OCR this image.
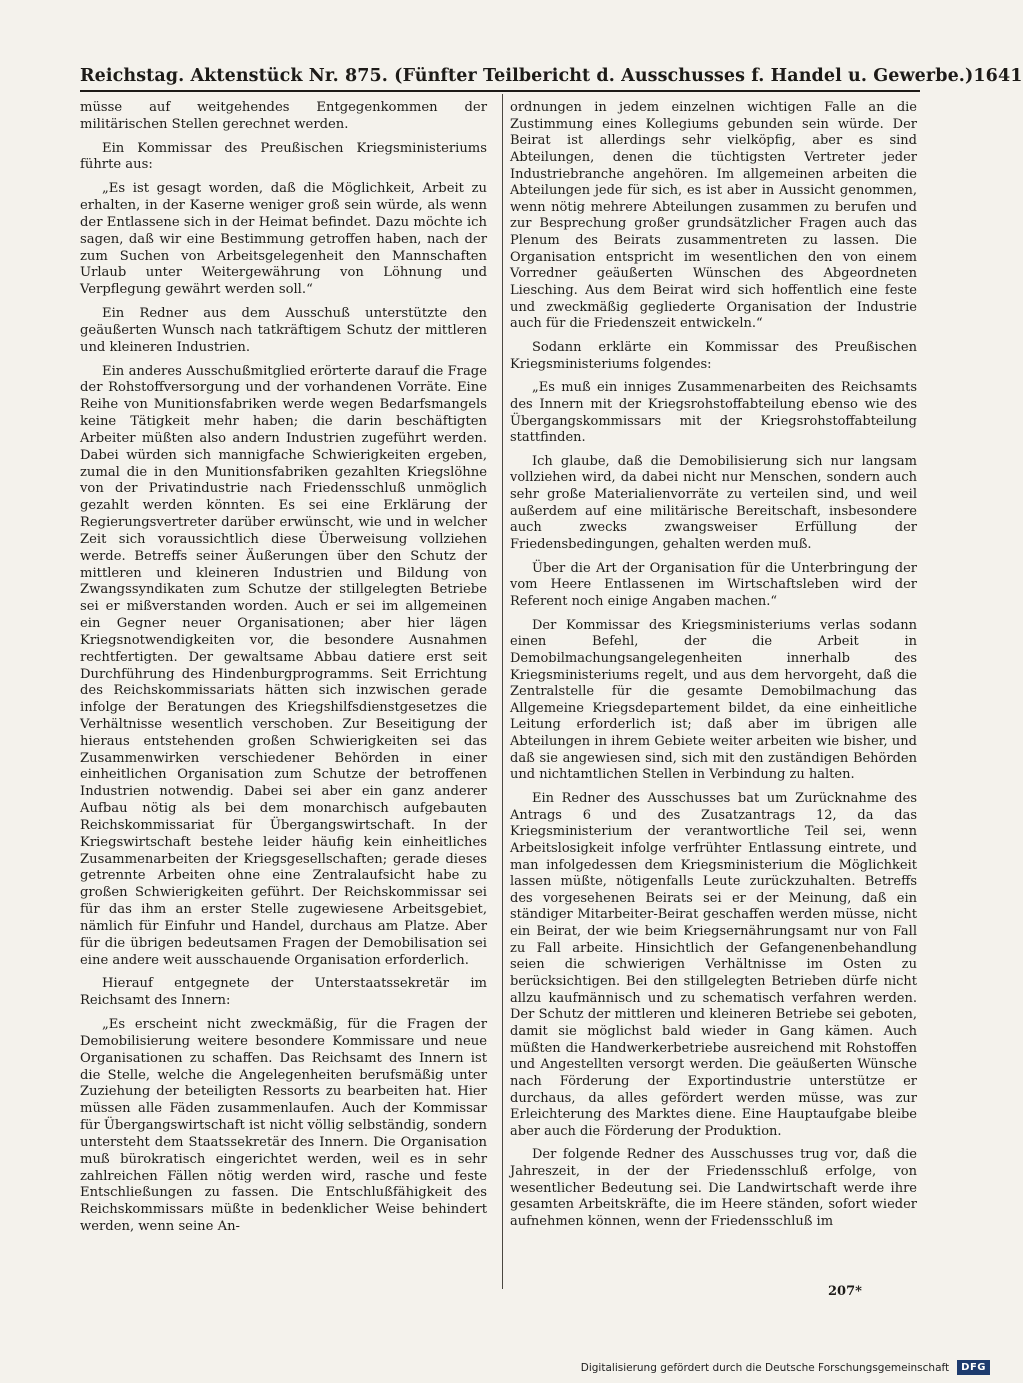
Reichstag. Aktenstück Nr. 875. (Fünfter Teilbericht d. Ausschusses f. Handel u. Gewerbe.) 1641

müsse auf weitgehendes Entgegenkommen der militärischen Stellen gerechnet werden.

Ein Kommissar des Preußischen Kriegsministeriums führte aus:

„Es ist gesagt worden, daß die Möglichkeit, Arbeit zu erhalten, in der Kaserne weniger groß sein würde, als wenn der Entlassene sich in der Heimat befindet. Dazu möchte ich sagen, daß wir eine Bestimmung getroffen haben, nach der zum Suchen von Arbeitsgelegenheit den Mannschaften Urlaub unter Weitergewährung von Löhnung und Verpflegung gewährt werden soll.“

Ein Redner aus dem Ausschuß unterstützte den geäußerten Wunsch nach tatkräftigem Schutz der mittleren und kleineren Industrien.

Ein anderes Ausschußmitglied erörterte darauf die Frage der Rohstoffversorgung und der vorhandenen Vorräte. Eine Reihe von Munitionsfabriken werde wegen Bedarfsmangels keine Tätigkeit mehr haben; die darin beschäftigten Arbeiter müßten also andern Industrien zugeführt werden. Dabei würden sich mannigfache Schwierigkeiten ergeben, zumal die in den Munitionsfabriken gezahlten Kriegslöhne von der Privatindustrie nach Friedensschluß unmöglich gezahlt werden könnten. Es sei eine Erklärung der Regierungsvertreter darüber erwünscht, wie und in welcher Zeit sich voraussichtlich diese Überweisung vollziehen werde. Betreffs seiner Äußerungen über den Schutz der mittleren und kleineren Industrien und Bildung von Zwangssyndikaten zum Schutze der stillgelegten Betriebe sei er mißverstanden worden. Auch er sei im allgemeinen ein Gegner neuer Organisationen; aber hier lägen Kriegsnotwendigkeiten vor, die besondere Ausnahmen rechtfertigten. Der gewaltsame Abbau datiere erst seit Durchführung des Hindenburgprogramms. Seit Errichtung des Reichskommissariats hätten sich inzwischen gerade infolge der Beratungen des Kriegshilfsdienstgesetzes die Verhältnisse wesentlich verschoben. Zur Beseitigung der hieraus entstehenden großen Schwierigkeiten sei das Zusammenwirken verschiedener Behörden in einer einheitlichen Organisation zum Schutze der betroffenen Industrien notwendig. Dabei sei aber ein ganz anderer Aufbau nötig als bei dem monarchisch aufgebauten Reichskommissariat für Übergangswirtschaft. In der Kriegswirtschaft bestehe leider häufig kein einheitliches Zusammenarbeiten der Kriegsgesellschaften; gerade dieses getrennte Arbeiten ohne eine Zentralaufsicht habe zu großen Schwierigkeiten geführt. Der Reichskommissar sei für das ihm an erster Stelle zugewiesene Arbeitsgebiet, nämlich für Einfuhr und Handel, durchaus am Platze. Aber für die übrigen bedeutsamen Fragen der Demobilisation sei eine andere weit ausschauende Organisation erforderlich.

Hierauf entgegnete der Unterstaatssekretär im Reichsamt des Innern:

„Es erscheint nicht zweckmäßig, für die Fragen der Demobilisierung weitere besondere Kommissare und neue Organisationen zu schaffen. Das Reichsamt des Innern ist die Stelle, welche die Angelegenheiten berufsmäßig unter Zuziehung der beteiligten Ressorts zu bearbeiten hat. Hier müssen alle Fäden zusammenlaufen. Auch der Kommissar für Übergangswirtschaft ist nicht völlig selbständig, sondern untersteht dem Staatssekretär des Innern. Die Organisation muß bürokratisch eingerichtet werden, weil es in sehr zahlreichen Fällen nötig werden wird, rasche und feste Entschließungen zu fassen. Die Entschlußfähigkeit des Reichskommissars müßte in bedenklicher Weise behindert werden, wenn seine An-

ordnungen in jedem einzelnen wichtigen Falle an die Zustimmung eines Kollegiums gebunden sein würde. Der Beirat ist allerdings sehr vielköpfig, aber es sind Abteilungen, denen die tüchtigsten Vertreter jeder Industriebranche angehören. Im allgemeinen arbeiten die Abteilungen jede für sich, es ist aber in Aussicht genommen, wenn nötig mehrere Abteilungen zusammen zu berufen und zur Besprechung großer grundsätzlicher Fragen auch das Plenum des Beirats zusammentreten zu lassen. Die Organisation entspricht im wesentlichen den von einem Vorredner geäußerten Wünschen des Abgeordneten Liesching. Aus dem Beirat wird sich hoffentlich eine feste und zweckmäßig gegliederte Organisation der Industrie auch für die Friedenszeit entwickeln.“

Sodann erklärte ein Kommissar des Preußischen Kriegsministeriums folgendes:

„Es muß ein inniges Zusammenarbeiten des Reichsamts des Innern mit der Kriegsrohstoffabteilung ebenso wie des Übergangskommissars mit der Kriegsrohstoffabteilung stattfinden.

Ich glaube, daß die Demobilisierung sich nur langsam vollziehen wird, da dabei nicht nur Menschen, sondern auch sehr große Materialienvorräte zu verteilen sind, und weil außerdem auf eine militärische Bereitschaft, insbesondere auch zwecks zwangsweiser Erfüllung der Friedensbedingungen, gehalten werden muß.

Über die Art der Organisation für die Unterbringung der vom Heere Entlassenen im Wirtschaftsleben wird der Referent noch einige Angaben machen.“

Der Kommissar des Kriegsministeriums verlas sodann einen Befehl, der die Arbeit in Demobilmachungsangelegenheiten innerhalb des Kriegsministeriums regelt, und aus dem hervorgeht, daß die Zentralstelle für die gesamte Demobilmachung das Allgemeine Kriegsdepartement bildet, da eine einheitliche Leitung erforderlich ist; daß aber im übrigen alle Abteilungen in ihrem Gebiete weiter arbeiten wie bisher, und daß sie angewiesen sind, sich mit den zuständigen Behörden und nichtamtlichen Stellen in Verbindung zu halten.

Ein Redner des Ausschusses bat um Zurücknahme des Antrags 6 und des Zusatzantrags 12, da das Kriegsministerium der verantwortliche Teil sei, wenn Arbeitslosigkeit infolge verfrühter Entlassung eintrete, und man infolgedessen dem Kriegsministerium die Möglichkeit lassen müßte, nötigenfalls Leute zurückzuhalten. Betreffs des vorgesehenen Beirats sei er der Meinung, daß ein ständiger Mitarbeiter-Beirat geschaffen werden müsse, nicht ein Beirat, der wie beim Kriegsernährungsamt nur von Fall zu Fall arbeite. Hinsichtlich der Gefangenenbehandlung seien die schwierigen Verhältnisse im Osten zu berücksichtigen. Bei den stillgelegten Betrieben dürfe nicht allzu kaufmännisch und zu schematisch verfahren werden. Der Schutz der mittleren und kleineren Betriebe sei geboten, damit sie möglichst bald wieder in Gang kämen. Auch müßten die Handwerkerbetriebe ausreichend mit Rohstoffen und Angestellten versorgt werden. Die geäußerten Wünsche nach Förderung der Exportindustrie unterstütze er durchaus, da alles gefördert werden müsse, was zur Erleichterung des Marktes diene. Eine Hauptaufgabe bleibe aber auch die Förderung der Produktion.

Der folgende Redner des Ausschusses trug vor, daß die Jahreszeit, in der der Friedensschluß erfolge, von wesentlicher Bedeutung sei. Die Landwirtschaft werde ihre gesamten Arbeitskräfte, die im Heere ständen, sofort wieder aufnehmen können, wenn der Friedensschluß im

207*
Digitalisierung gefördert durch die Deutsche Forschungsgemeinschaft	DFG
